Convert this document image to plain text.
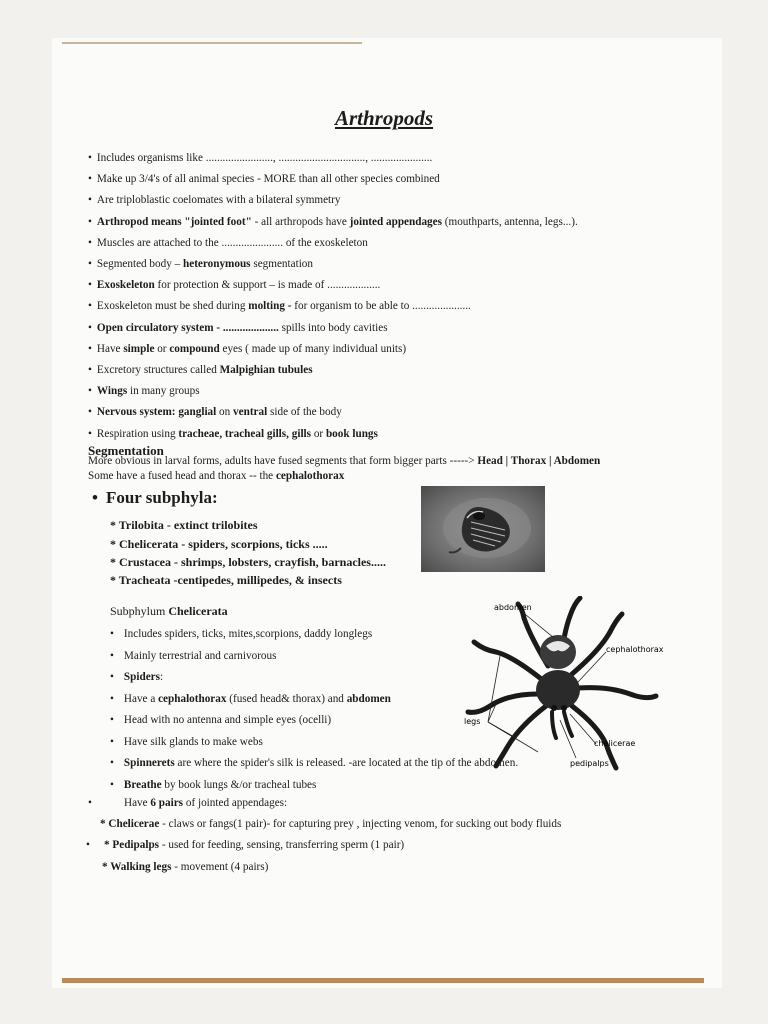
Arthropods
• Includes organisms like ........................, ..............................., ......................
• Make up 3/4's of all animal species - MORE than all other species combined
• Are triploblastic coelomates with a bilateral symmetry
• Arthropod means "jointed foot" - all arthropods have jointed appendages (mouthparts, antenna, legs...).
• Muscles are attached to the ...................... of the exoskeleton
• Segmented body – heteronymous segmentation
• Exoskeleton for protection & support – is made of ...................
• Exoskeleton must be shed during molting - for organism to be able to .....................
• Open circulatory system - .................... spills into body cavities
• Have simple or compound eyes ( made up of many individual units)
• Excretory structures called Malpighian tubules
• Wings in many groups
• Nervous system: ganglial on ventral side of the body
• Respiration using tracheae, tracheal gills, gills or book lungs
Segmentation
More obvious in larval forms, adults have fused segments that form bigger parts -----> Head | Thorax | Abdomen
Some have a fused head and thorax -- the cephalothorax
• Four subphyla:
* Trilobita - extinct trilobites
* Chelicerata - spiders, scorpions, ticks .....
* Crustacea - shrimps, lobsters, crayfish, barnacles.....
* Tracheata -centipedes, millipedes, & insects
Subphylum Chelicerata
• Includes spiders, ticks, mites,scorpions, daddy longlegs
• Mainly terrestrial and carnivorous
• Spiders:
• Have a cephalothorax (fused head& thorax) and abdomen
• Head with no antenna and simple eyes (ocelli)
• Have silk glands to make webs
• Spinnerets are where the spider's silk is released. -are located at the tip of the abdomen.
• Breathe by book lungs &/or tracheal tubes
abdomen
cephalothorax
legs
chelicerae
pedipalps
•	Have 6 pairs of jointed appendages:
* Chelicerae - claws or fangs(1 pair)- for capturing prey , injecting venom, for sucking out body fluids
• * Pedipalps - used for feeding, sensing, transferring sperm (1 pair)
* Walking legs - movement (4 pairs)
